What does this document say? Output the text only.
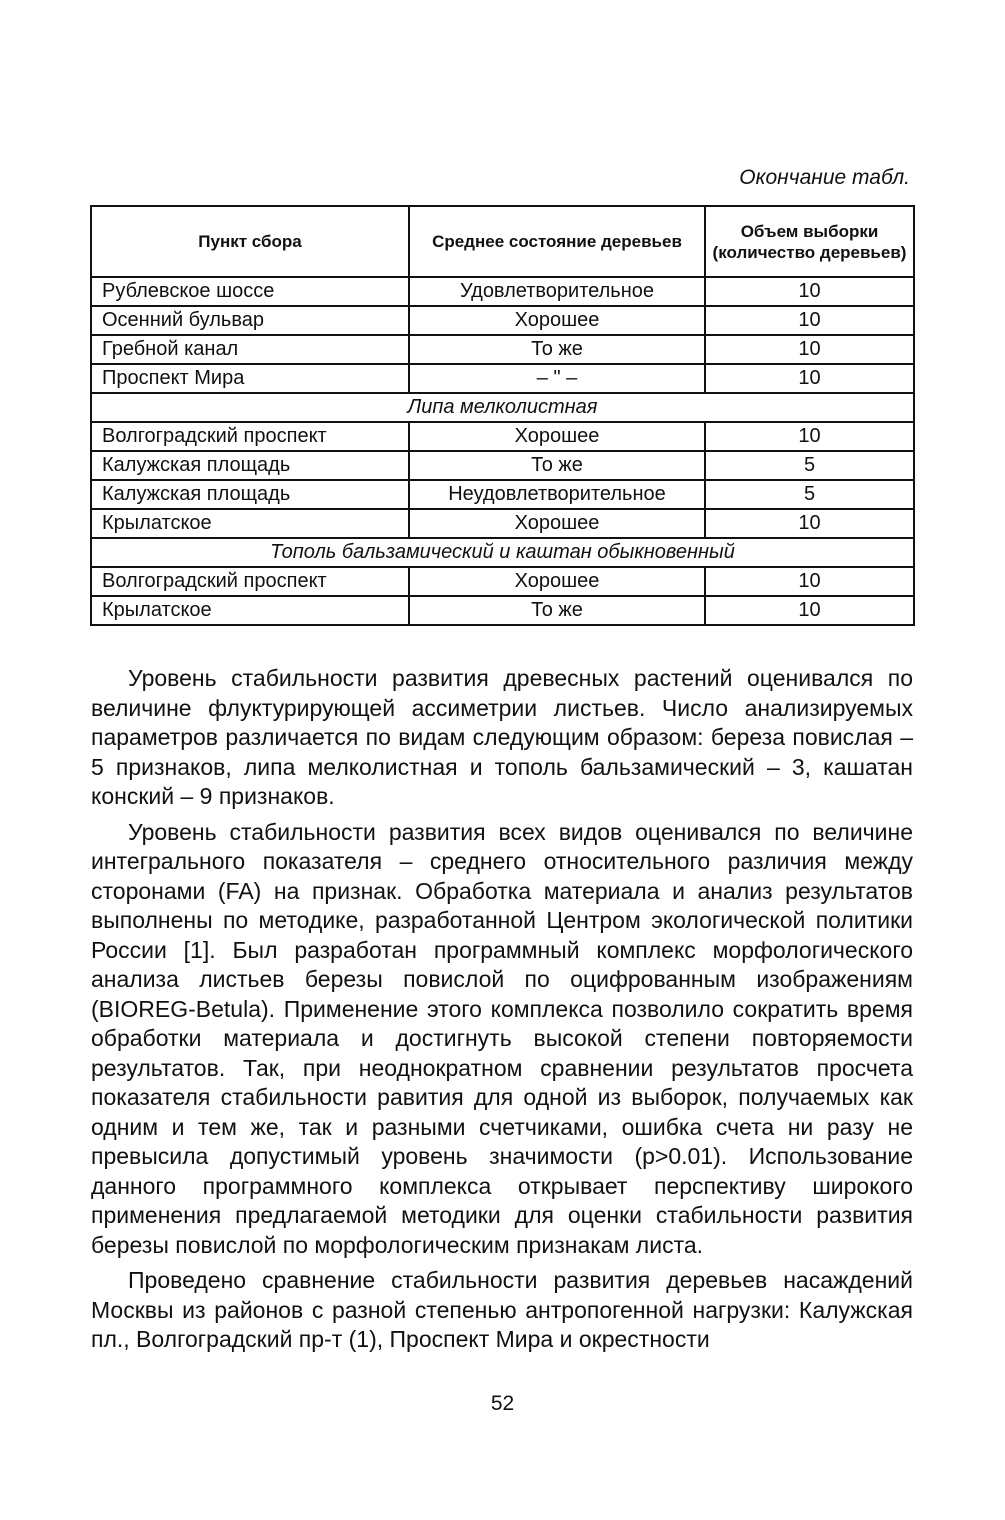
Окончание табл.
Пункт сбора	Среднее состояние деревьев	Объем выборки (количество деревьев)
Рублевское шоссе	Удовлетворительное	10
Осенний бульвар	Хорошее	10
Гребной канал	То же	10
Проспект Мира	– " –	10
Липа мелколистная		
Волгоградский проспект	Хорошее	10
Калужская площадь	То же	5
Калужская площадь	Неудовлетворительное	5
Крылатское	Хорошее	10
Тополь бальзамический и каштан обыкновенный		
Волгоградский проспект	Хорошее	10
Крылатское	То же	10

Уровень стабильности развития древесных растений оценивался по величине флуктурирующей ассиметрии листьев. Число анализируемых параметров различается по видам следующим образом: береза повислая – 5 признаков, липа мелколистная и тополь бальзамический – 3, кашатан конский – 9 признаков.

Уровень стабильности развития всех видов оценивался по величине интегрального показателя – среднего относительного различия между сторонами (FA) на признак. Обработка материала и анализ результатов выполнены по методике, разработанной Центром экологической политики России [1]. Был разработан программный комплекс морфологического анализа листьев березы повислой по оцифрованным изображениям (BIOREG-Betula). Применение этого комплекса позволило сократить время обработки материала и достигнуть высокой степени повторяемости результатов. Так, при неоднократном сравнении результатов просчета показателя стабильности равития для одной из выборок, получаемых как одним и тем же, так и разными счетчиками, ошибка счета ни разу не превысила допустимый уровень значимости (p>0.01). Использование данного программного комплекса открывает перспективу широкого применения предлагаемой методики для оценки стабильности развития березы повислой по морфологическим признакам листа.

Проведено сравнение стабильности развития деревьев насаждений Москвы из районов с разной степенью антропогенной нагрузки: Калужская пл., Волгоградский пр-т (1), Проспект Мира и окрестности

52
